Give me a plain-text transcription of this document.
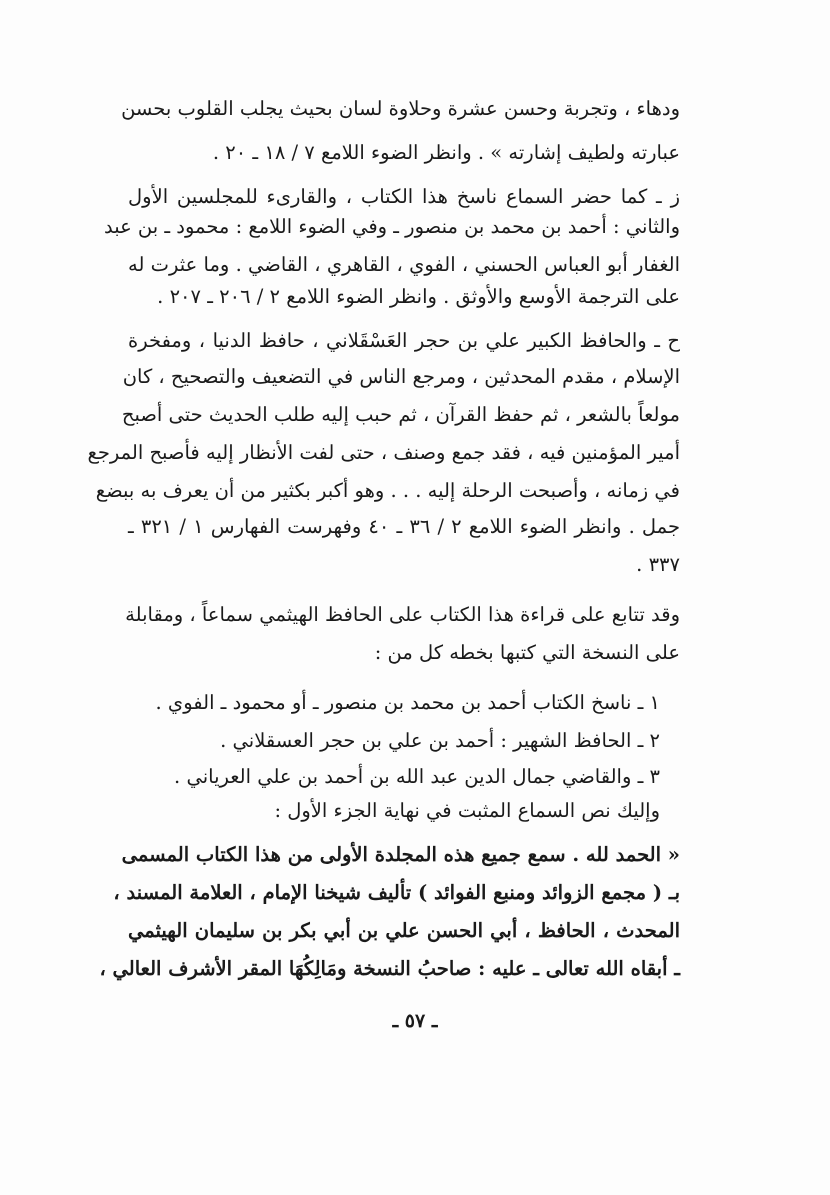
ودهاء ، وتجربة وحسن عشرة وحلاوة لسان بحيث يجلب القلوب بحسن
عبارته ولطيف إشارته » . وانظر الضوء اللامع ٧ / ١٨ ـ ٢٠ .
ز ـ كما حضر السماع ناسخ هذا الكتاب ، والقارىء للمجلسين الأول
والثاني : أحمد بن محمد بن منصور ـ وفي الضوء اللامع : محمود ـ بن عبد
الغفار أبو العباس الحسني ، الفوي ، القاهري ، القاضي . وما عثرت له
على الترجمة الأوسع والأوثق . وانظر الضوء اللامع ٢ / ٢٠٦ ـ ٢٠٧ .
ح ـ والحافظ الكبير علي بن حجر العَسْقَلاني ، حافظ الدنيا ، ومفخرة
الإسلام ، مقدم المحدثين ، ومرجع الناس في التضعيف والتصحيح ، كان
مولعاً بالشعر ، ثم حفظ القرآن ، ثم حبب إليه طلب الحديث حتى أصبح
أمير المؤمنين فيه ، فقد جمع وصنف ، حتى لفت الأنظار إليه فأصبح المرجع
في زمانه ، وأصبحت الرحلة إليه . . . وهو أكبر بكثير من أن يعرف به ببضع
جمل . وانظر الضوء اللامع ٢ / ٣٦ ـ ٤٠ وفهرست الفهارس ١ / ٣٢١ ـ
٣٣٧ .
وقد تتابع على قراءة هذا الكتاب على الحافظ الهيثمي سماعاً ، ومقابلة
على النسخة التي كتبها بخطه كل من :
١ ـ ناسخ الكتاب أحمد بن محمد بن منصور ـ أو محمود ـ الفوي .
٢ ـ الحافظ الشهير : أحمد بن علي بن حجر العسقلاني .
٣ ـ والقاضي جمال الدين عبد الله بن أحمد بن علي العرياني .
وإليك نص السماع المثبت في نهاية الجزء الأول :
« الحمد لله . سمع جميع هذه المجلدة الأولى من هذا الكتاب المسمى
بـ ( مجمع الزوائد ومنبع الفوائد ) تأليف شيخنا الإمام ، العلامة المسند ،
المحدث ، الحافظ ، أبي الحسن علي بن أبي بكر بن سليمان الهيثمي
ـ أبقاه الله تعالى ـ عليه : صاحبُ النسخة ومَالِكُهَا المقر الأشرف العالي ،
ـ ٥٧ ـ
